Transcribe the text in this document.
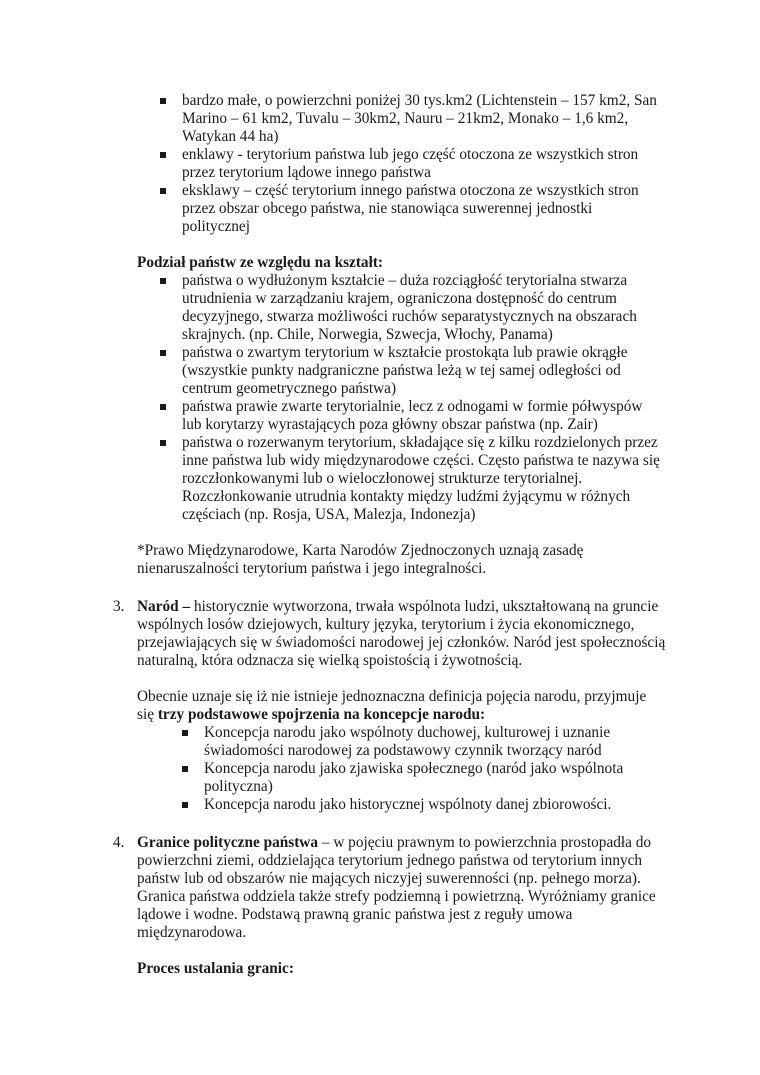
bardzo małe, o powierzchni poniżej 30 tys.km2 (Lichtenstein – 157 km2, San Marino – 61 km2, Tuvalu – 30km2, Nauru – 21km2, Monako – 1,6 km2, Watykan 44 ha)
enklawy - terytorium państwa lub jego część otoczona ze wszystkich stron przez terytorium lądowe innego państwa
eksklawy – część terytorium innego państwa otoczona ze wszystkich stron przez obszar obcego państwa, nie stanowiąca suwerennej jednostki politycznej
Podział państw ze względu na kształt:
państwa o wydłużonym kształcie – duża rozciągłość terytorialna stwarza utrudnienia w zarządzaniu krajem, ograniczona dostępność do centrum decyzyjnego, stwarza możliwości ruchów separatystycznych na obszarach skrajnych. (np. Chile, Norwegia, Szwecja, Włochy, Panama)
państwa o zwartym terytorium w kształcie prostokąta lub prawie okrągłe (wszystkie punkty nadgraniczne państwa leżą w tej samej odległości od centrum geometrycznego państwa)
państwa prawie zwarte terytorialnie, lecz z odnogami w formie półwyspów lub korytarzy wyrastających poza główny obszar państwa (np. Zair)
państwa o rozerwanym terytorium, składające się z kilku rozdzielonych przez inne państwa lub widy międzynarodowe części. Często państwa te nazywa się rozczłonkowanymi lub o wieloczłonowej strukturze terytorialnej. Rozczłonkowanie utrudnia kontakty między ludźmi żyjącymu w różnych częściach (np. Rosja, USA, Malezja, Indonezja)
*Prawo Międzynarodowe, Karta Narodów Zjednoczonych uznają zasadę nienaruszalności terytorium państwa i jego integralności.
3. Naród – historycznie wytworzona, trwała wspólnota ludzi, ukształtowaną na gruncie wspólnych losów dziejowych, kultury języka, terytorium i życia ekonomicznego, przejawiających się w świadomości narodowej jej członków. Naród jest społecznością naturalną, która odznacza się wielką spoistością i żywotnością.
Obecnie uznaje się iż nie istnieje jednoznaczna definicja pojęcia narodu, przyjmuje się trzy podstawowe spojrzenia na koncepcje narodu:
Koncepcja narodu jako wspólnoty duchowej, kulturowej i uznanie świadomości narodowej za podstawowy czynnik tworzący naród
Koncepcja narodu jako zjawiska społecznego (naród jako wspólnota polityczna)
Koncepcja narodu jako historycznej wspólnoty danej zbiorowości.
4. Granice polityczne państwa – w pojęciu prawnym to powierzchnia prostopadła do powierzchni ziemi, oddzielająca terytorium jednego państwa od terytorium innych państw lub od obszarów nie mających niczyjej suwerenności (np. pełnego morza). Granica państwa oddziela także strefy podziemną i powietrzną. Wyróżniamy granice lądowe i wodne. Podstawą prawną granic państwa jest z reguły umowa międzynarodowa.
Proces ustalania granic:
